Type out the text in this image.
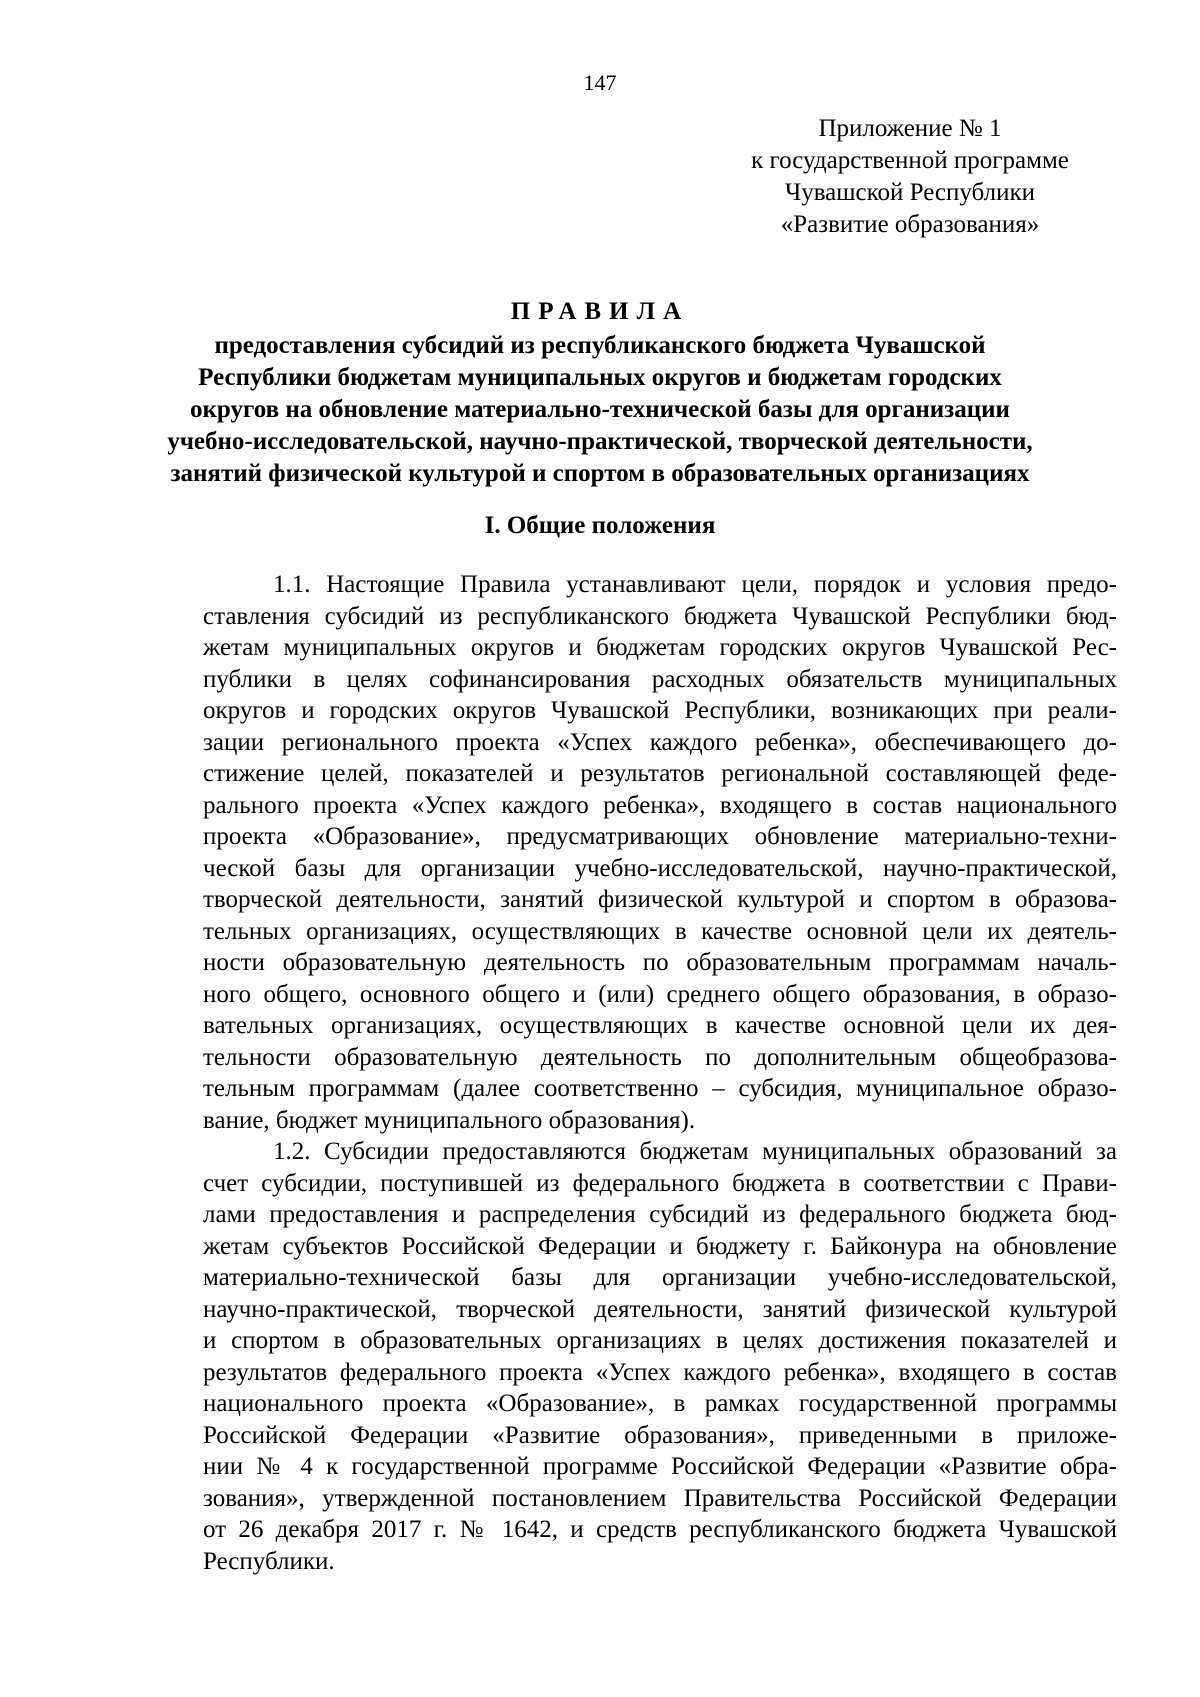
147
Приложение № 1
к государственной программе
Чувашской Республики
«Развитие образования»
ПРАВИЛА
предоставления субсидий из республиканского бюджета Чувашской
Республики бюджетам муниципальных округов и бюджетам городских
округов на обновление материально-технической базы для организации
учебно-исследовательской, научно-практической, творческой деятельности,
занятий физической культурой и спортом в образовательных организациях
I. Общие положения
1.1. Настоящие Правила устанавливают цели, порядок и условия предо-
ставления субсидий из республиканского бюджета Чувашской Республики бюд-
жетам муниципальных округов и бюджетам городских округов Чувашской Рес-
публики в целях софинансирования расходных обязательств муниципальных
округов и городских округов Чувашской Республики, возникающих при реали-
зации регионального проекта «Успех каждого ребенка», обеспечивающего до-
стижение целей, показателей и результатов региональной составляющей феде-
рального проекта «Успех каждого ребенка», входящего в состав национального
проекта «Образование», предусматривающих обновление материально-техни-
ческой базы для организации учебно-исследовательской, научно-практической,
творческой деятельности, занятий физической культурой и спортом в образова-
тельных организациях, осуществляющих в качестве основной цели их деятель-
ности образовательную деятельность по образовательным программам началь-
ного общего, основного общего и (или) среднего общего образования, в образо-
вательных организациях, осуществляющих в качестве основной цели их дея-
тельности образовательную деятельность по дополнительным общеобразова-
тельным программам (далее соответственно – субсидия, муниципальное образо-
вание, бюджет муниципального образования).
1.2. Субсидии предоставляются бюджетам муниципальных образований за
счет субсидии, поступившей из федерального бюджета в соответствии с Прави-
лами предоставления и распределения субсидий из федерального бюджета бюд-
жетам субъектов Российской Федерации и бюджету г. Байконура на обновление
материально-технической базы для организации учебно-исследовательской,
научно-практической, творческой деятельности, занятий физической культурой
и спортом в образовательных организациях в целях достижения показателей и
результатов федерального проекта «Успех каждого ребенка», входящего в состав
национального проекта «Образование», в рамках государственной программы
Российской Федерации «Развитие образования», приведенными в приложе-
нии № 4 к государственной программе Российской Федерации «Развитие обра-
зования», утвержденной постановлением Правительства Российской Федерации
от 26 декабря 2017 г. № 1642, и средств республиканского бюджета Чувашской
Республики.
